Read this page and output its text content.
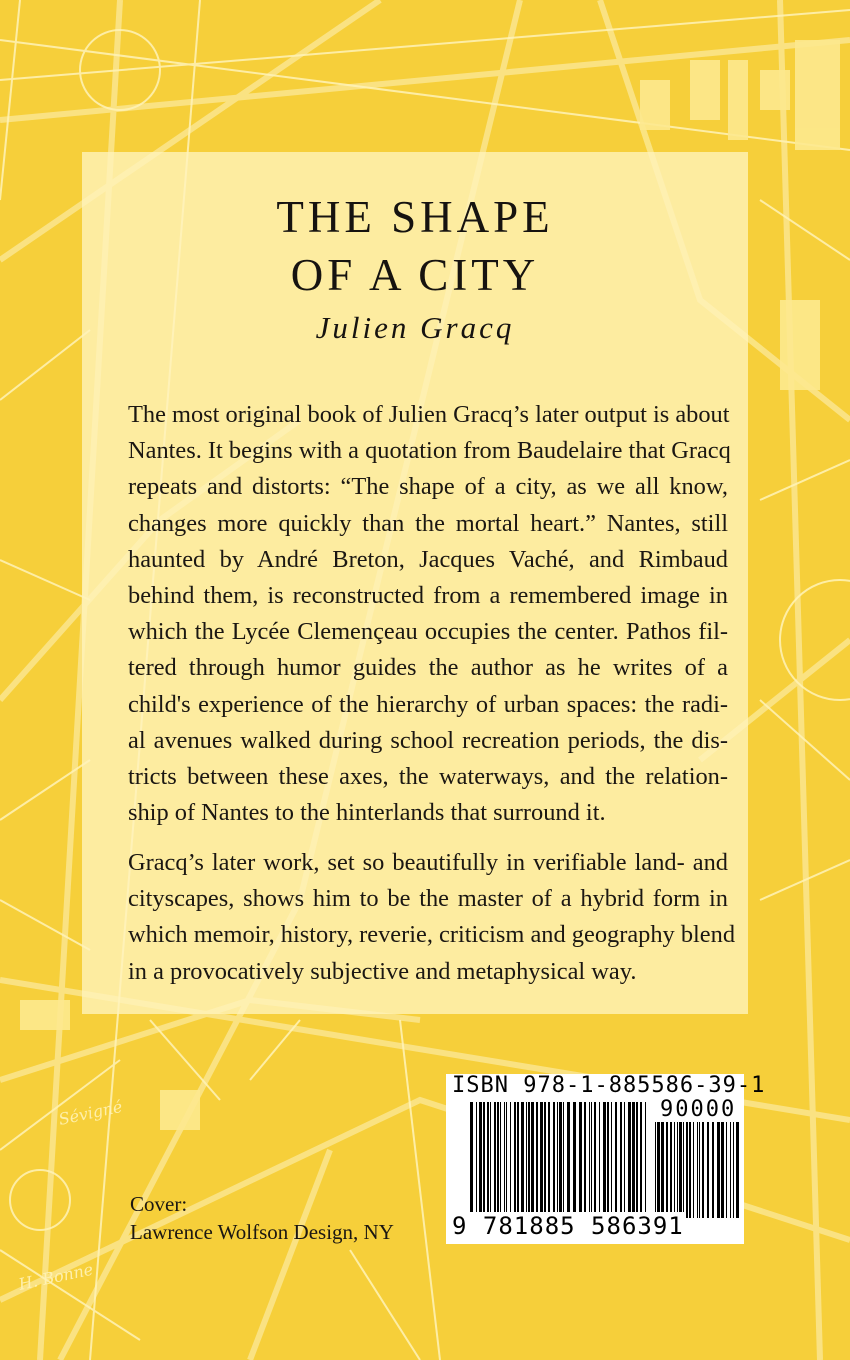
Sévigné
H. Bonne
THE SHAPE
OF A CITY
Julien Gracq
The most original book of Julien Gracq’s later output is about
Nantes. It begins with a quotation from Baudelaire that Gracq
repeats and distorts: “The shape of a city, as we all know,
changes more quickly than the mortal heart.” Nantes, still
haunted by André Breton, Jacques Vaché, and Rimbaud
behind them, is reconstructed from a remembered image in
which the Lycée Clemençeau occupies the center. Pathos fil-
tered through humor guides the author as he writes of a
child's experience of the hierarchy of urban spaces: the radi-
al avenues walked during school recreation periods, the dis-
tricts between these axes, the waterways, and the relation-
ship of Nantes to the hinterlands that surround it.
Gracq’s later work, set so beautifully in verifiable land- and
cityscapes, shows him to be the master of a hybrid form in
which memoir, history, reverie, criticism and geography blend
in a provocatively subjective and metaphysical way.
Cover:
Lawrence Wolfson Design, NY
ISBN 978-1-885586-39-1
90000
9 781885 586391
